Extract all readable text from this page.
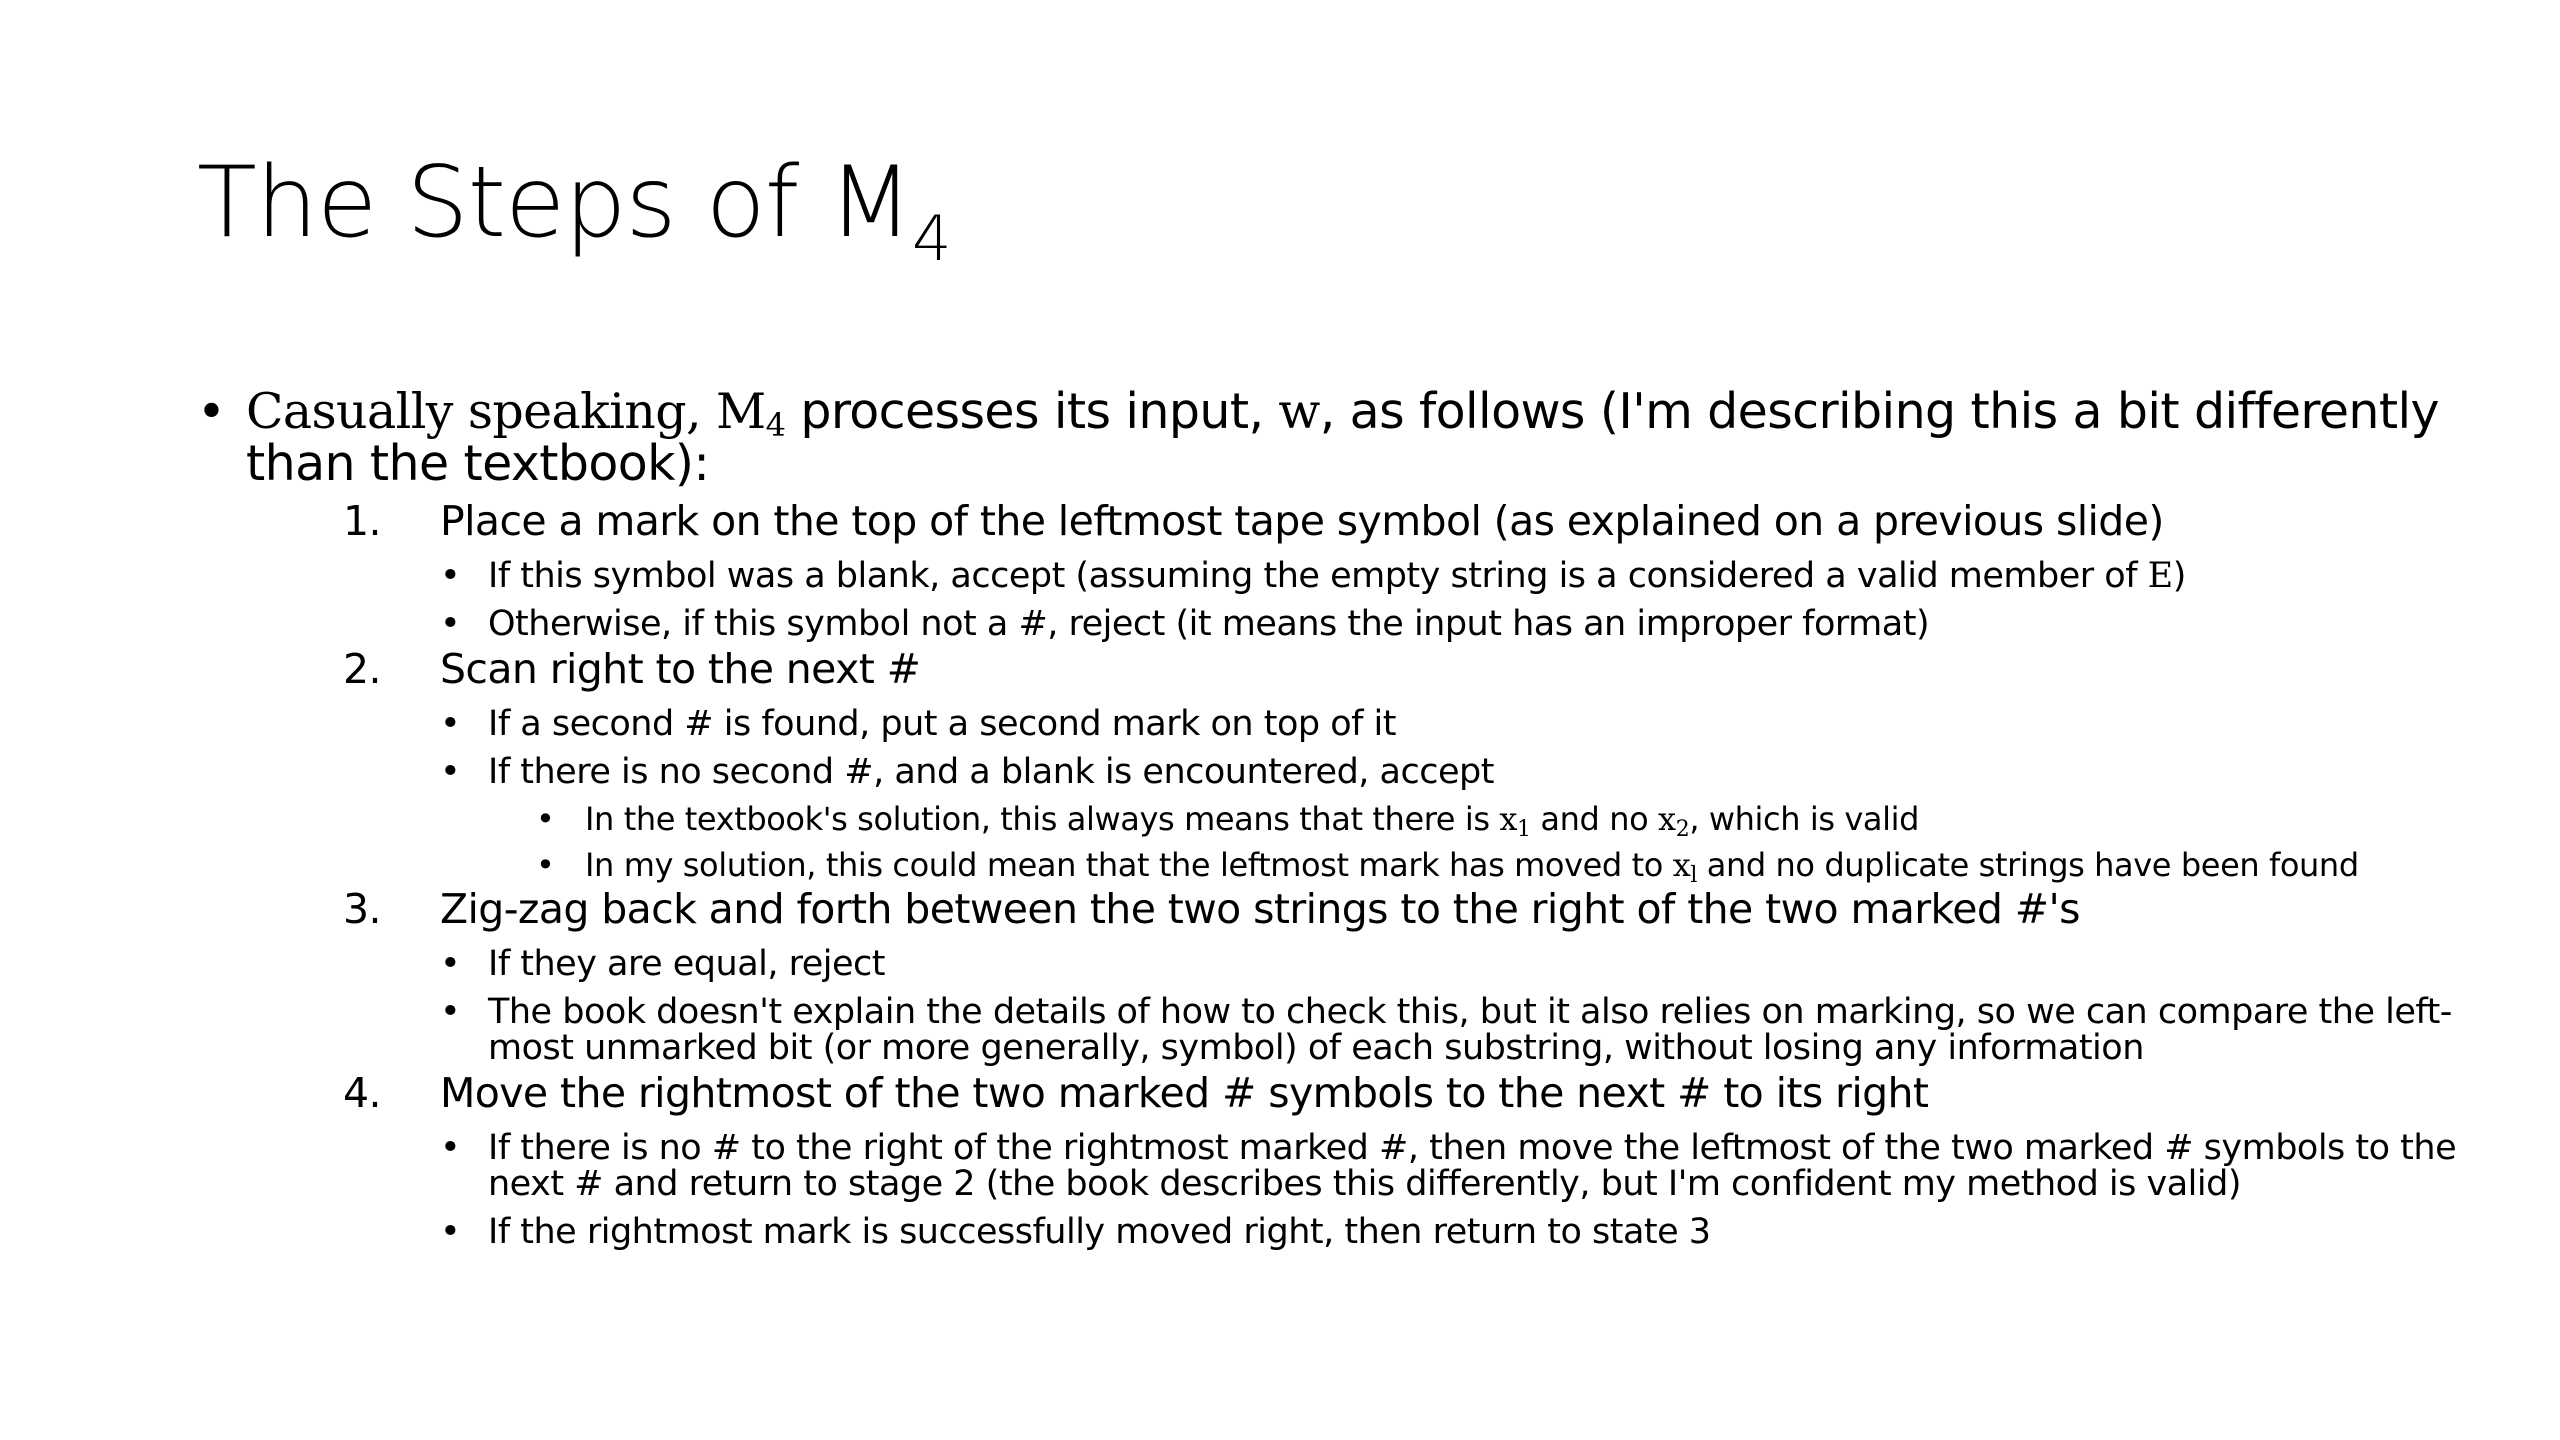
The Steps of $M_4$
• Casually speaking, $M_4$ processes its input, w, as follows (I'm describing this a bit differently than the textbook):
1. Place a mark on the top of the leftmost tape symbol (as explained on a previous slide)
• If this symbol was a blank, accept (assuming the empty string is a considered a valid member of E)
• Otherwise, if this symbol not a #, reject (it means the input has an improper format)
2. Scan right to the next #
• If a second # is found, put a second mark on top of it
• If there is no second #, and a blank is encountered, accept
• In the textbook's solution, this always means that there is $x_1$ and no $x_2$, which is valid
• In my solution, this could mean that the leftmost mark has moved to $x_l$ and no duplicate strings have been found
3. Zig-zag back and forth between the two strings to the right of the two marked #'s
• If they are equal, reject
• The book doesn't explain the details of how to check this, but it also relies on marking, so we can compare the left-most unmarked bit (or more generally, symbol) of each substring, without losing any information
4. Move the rightmost of the two marked # symbols to the next # to its right
• If there is no # to the right of the rightmost marked #, then move the leftmost of the two marked # symbols to the next # and return to stage 2 (the book describes this differently, but I'm confident my method is valid)
• If the rightmost mark is successfully moved right, then return to state 3
